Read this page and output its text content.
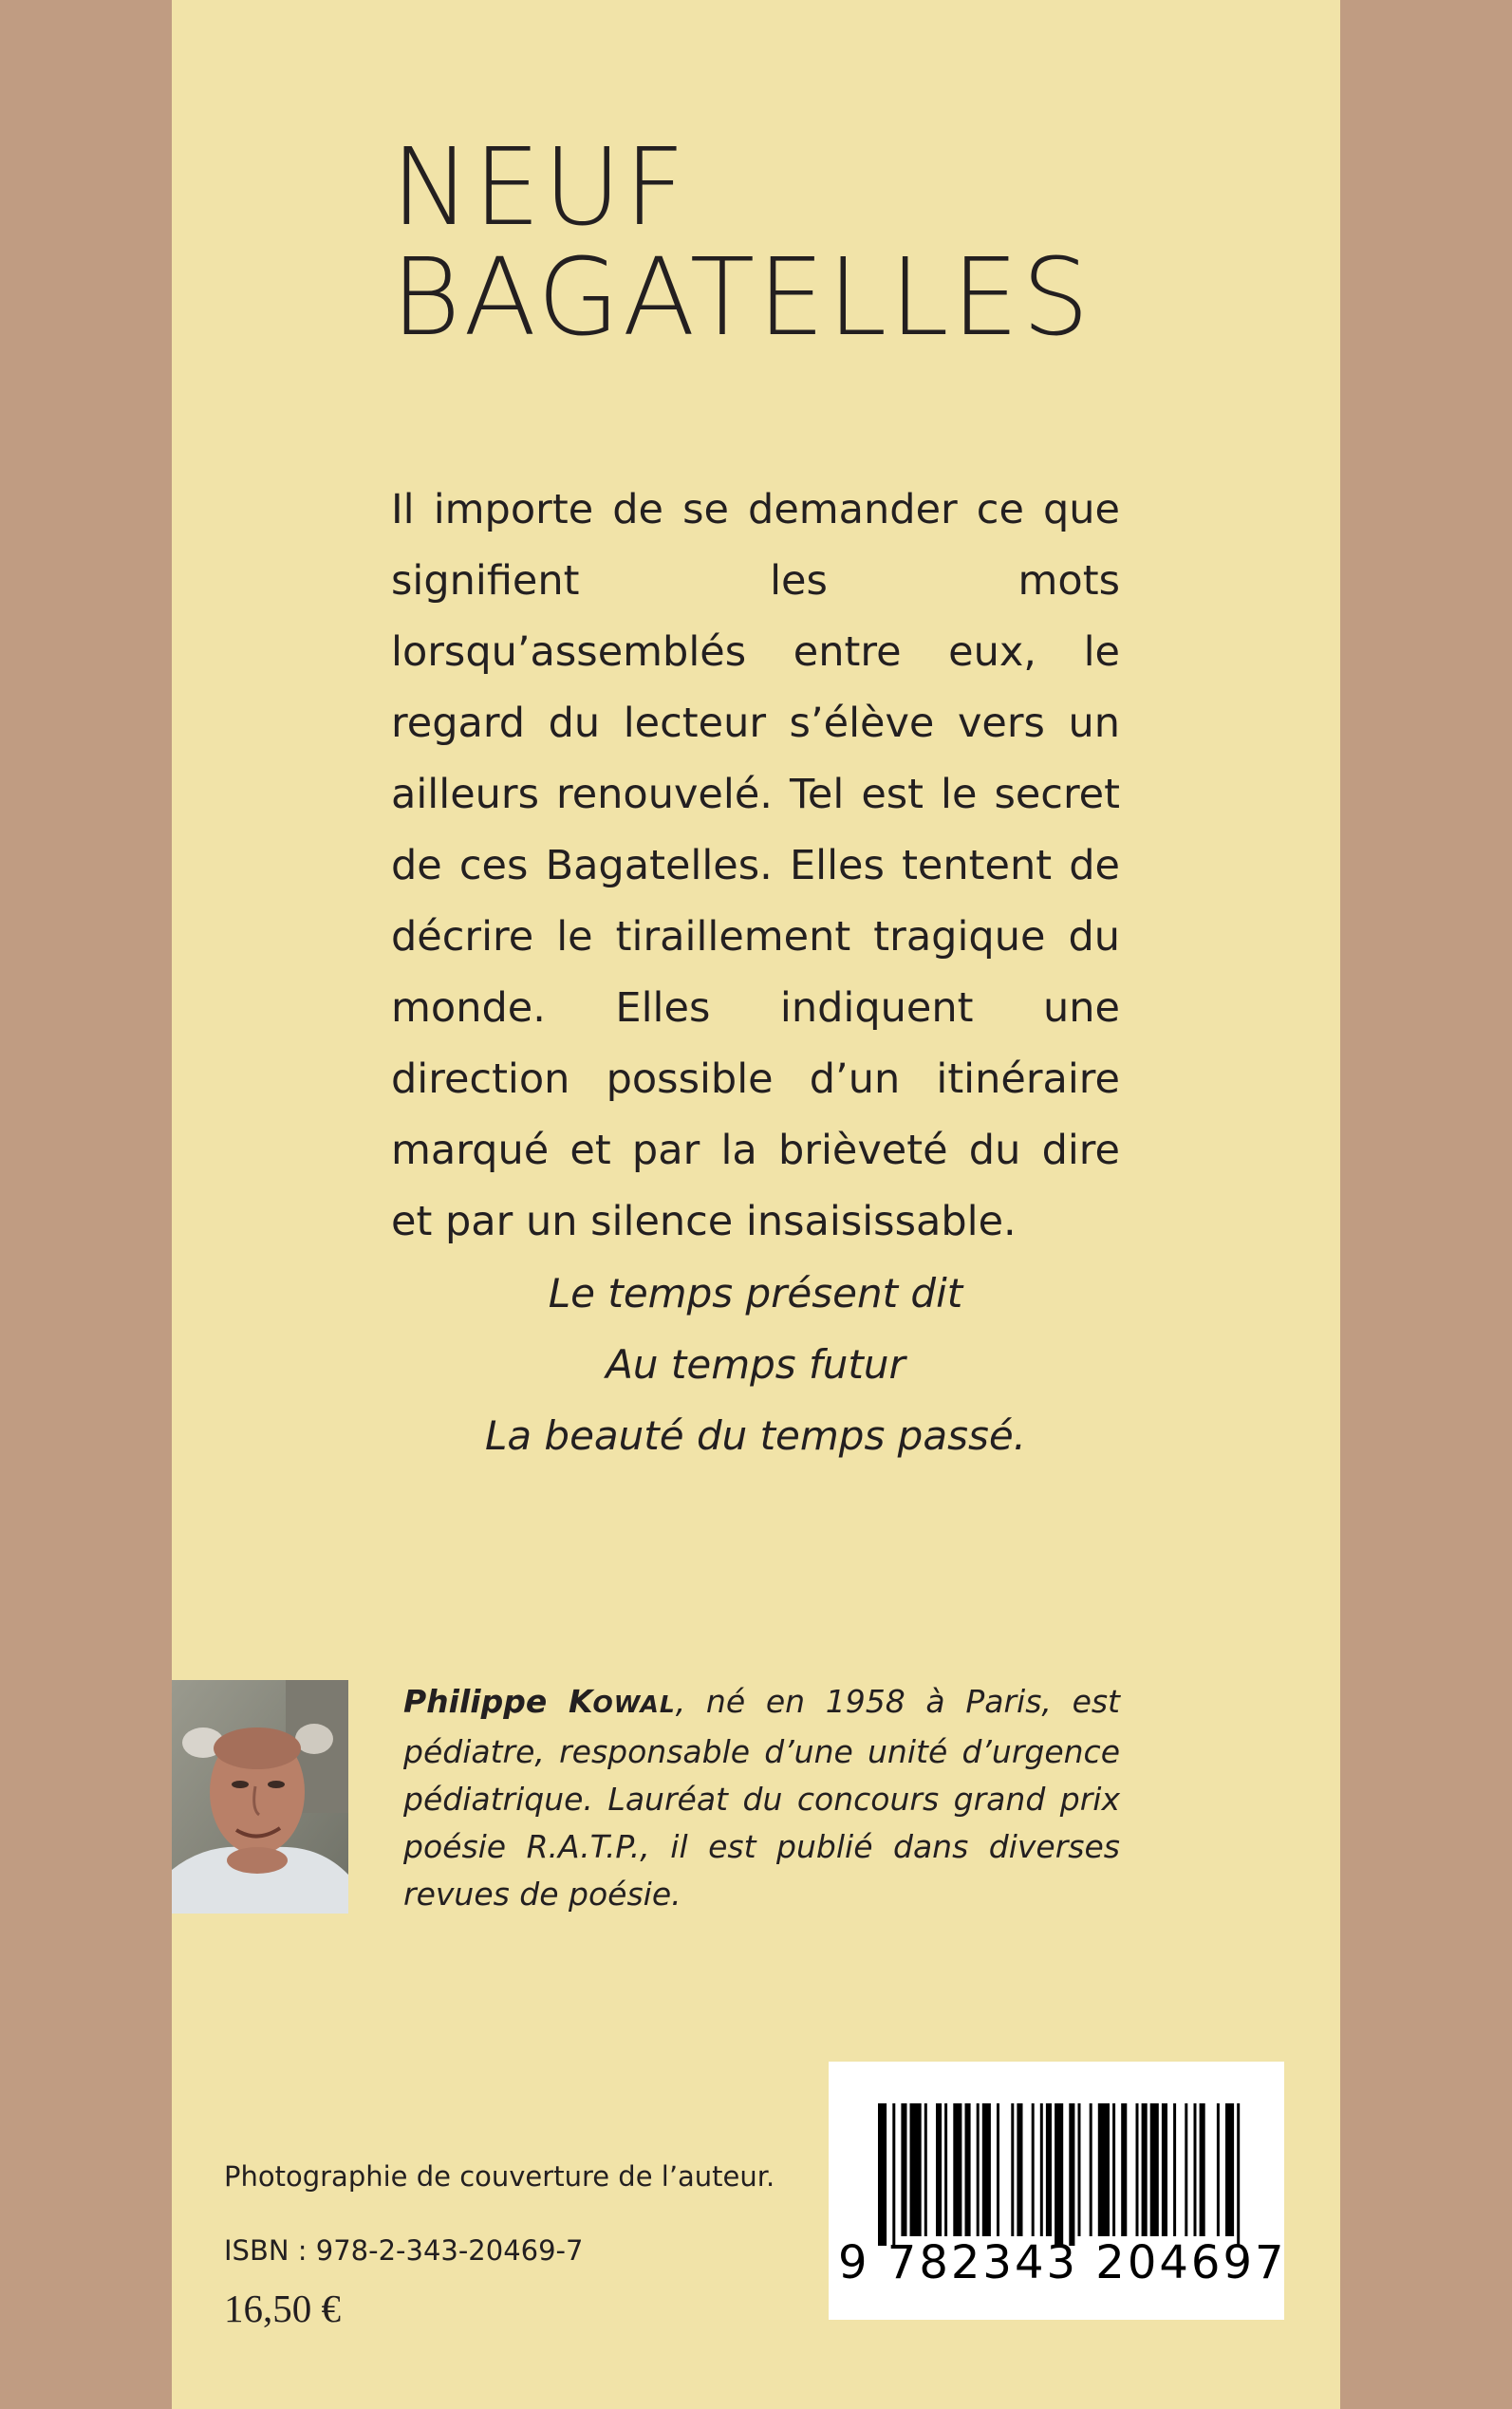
NEUF
BAGATELLES

Il importe de se demander ce que signifient les mots lorsqu’assemblés entre eux, le regard du lecteur s’élève vers un ailleurs renouvelé. Tel est le secret de ces Bagatelles. Elles tentent de décrire le tiraillement tragique du monde. Elles indiquent une direction possible d’un itinéraire marqué et par la brièveté du dire et par un silence insaisissable.

Le temps présent dit
Au temps futur
La beauté du temps passé.

Philippe KOWAL, né en 1958 à Paris, est pédiatre, responsable d’une unité d’urgence pédiatrique. Lauréat du concours grand prix poésie R.A.T.P., il est publié dans diverses revues de poésie.

Photographie de couverture de l’auteur.
ISBN : 978-2-343-20469-7
16,50 €
9 782343 204697
